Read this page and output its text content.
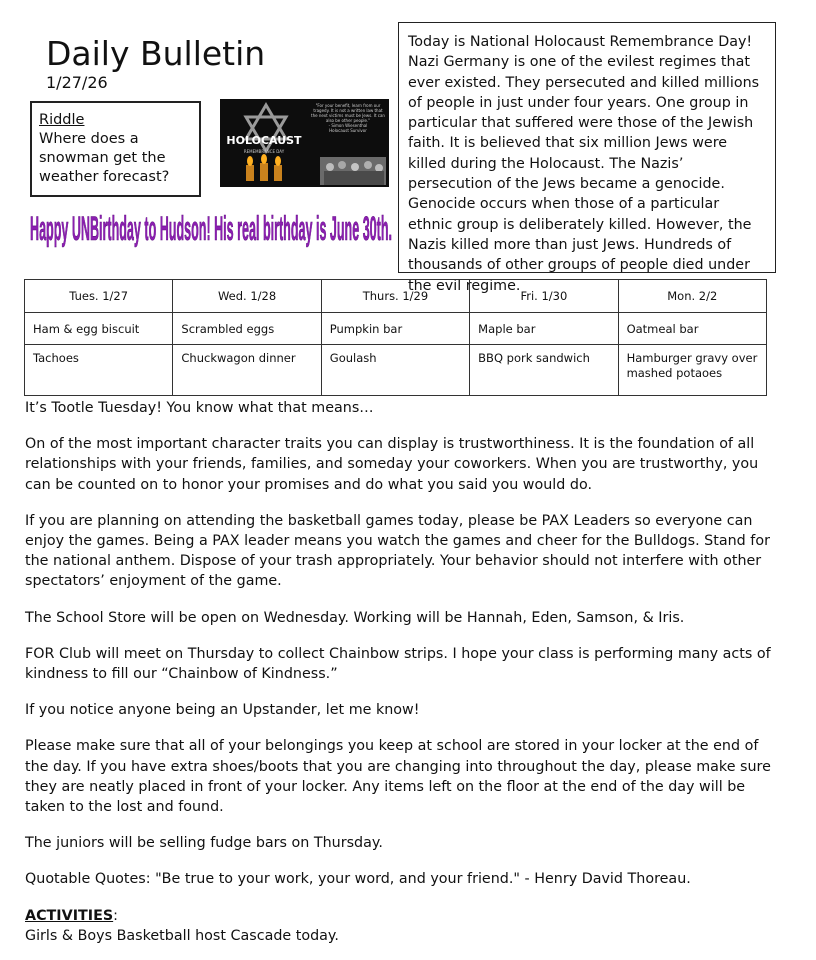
Daily Bulletin
1/27/26
Riddle
Where does a snowman get the weather forecast?
HOLOCAUST
REMEMBRANCE DAY
"For your benefit, learn from our tragedy. It is not a written law that the next victims must be Jews. It can also be other people."
- Simon Wiesenthal
Holocaust Survivor
Happy UNBirthday to Hudson! His real birthday is June 30th.
Today is National Holocaust Remembrance Day! Nazi Germany is one of the evilest regimes that ever existed. They persecuted and killed millions of people in just under four years. One group in particular that suffered were those of the Jewish faith. It is believed that six million Jews were killed during the Holocaust. The Nazis’ persecution of the Jews became a genocide. Genocide occurs when those of a particular ethnic group is deliberately killed. However, the Nazis killed more than just Jews. Hundreds of thousands of other groups of people died under the evil regime.
Tues. 1/27	Wed. 1/28	Thurs. 1/29	Fri. 1/30	Mon. 2/2
Ham & egg biscuit	Scrambled eggs	Pumpkin bar	Maple bar	Oatmeal bar
Tachoes	Chuckwagon dinner	Goulash	BBQ pork sandwich	Hamburger gravy over mashed potaoes

It’s Tootle Tuesday! You know what that means…

On of the most important character traits you can display is trustworthiness. It is the foundation of all relationships with your friends, families, and someday your coworkers. When you are trustworthy, you can be counted on to honor your promises and do what you said you would do.

If you are planning on attending the basketball games today, please be PAX Leaders so everyone can enjoy the games. Being a PAX leader means you watch the games and cheer for the Bulldogs. Stand for the national anthem. Dispose of your trash appropriately. Your behavior should not interfere with other spectators’ enjoyment of the game.

The School Store will be open on Wednesday. Working will be Hannah, Eden, Samson, & Iris.

FOR Club will meet on Thursday to collect Chainbow strips. I hope your class is performing many acts of kindness to fill our “Chainbow of Kindness.”

If you notice anyone being an Upstander, let me know!

Please make sure that all of your belongings you keep at school are stored in your locker at the end of the day. If you have extra shoes/boots that you are changing into throughout the day, please make sure they are neatly placed in front of your locker. Any items left on the floor at the end of the day will be taken to the lost and found.

The juniors will be selling fudge bars on Thursday.

Quotable Quotes: "Be true to your work, your word, and your friend." - Henry David Thoreau.

ACTIVITIES:

Girls & Boys Basketball host Cascade today.
